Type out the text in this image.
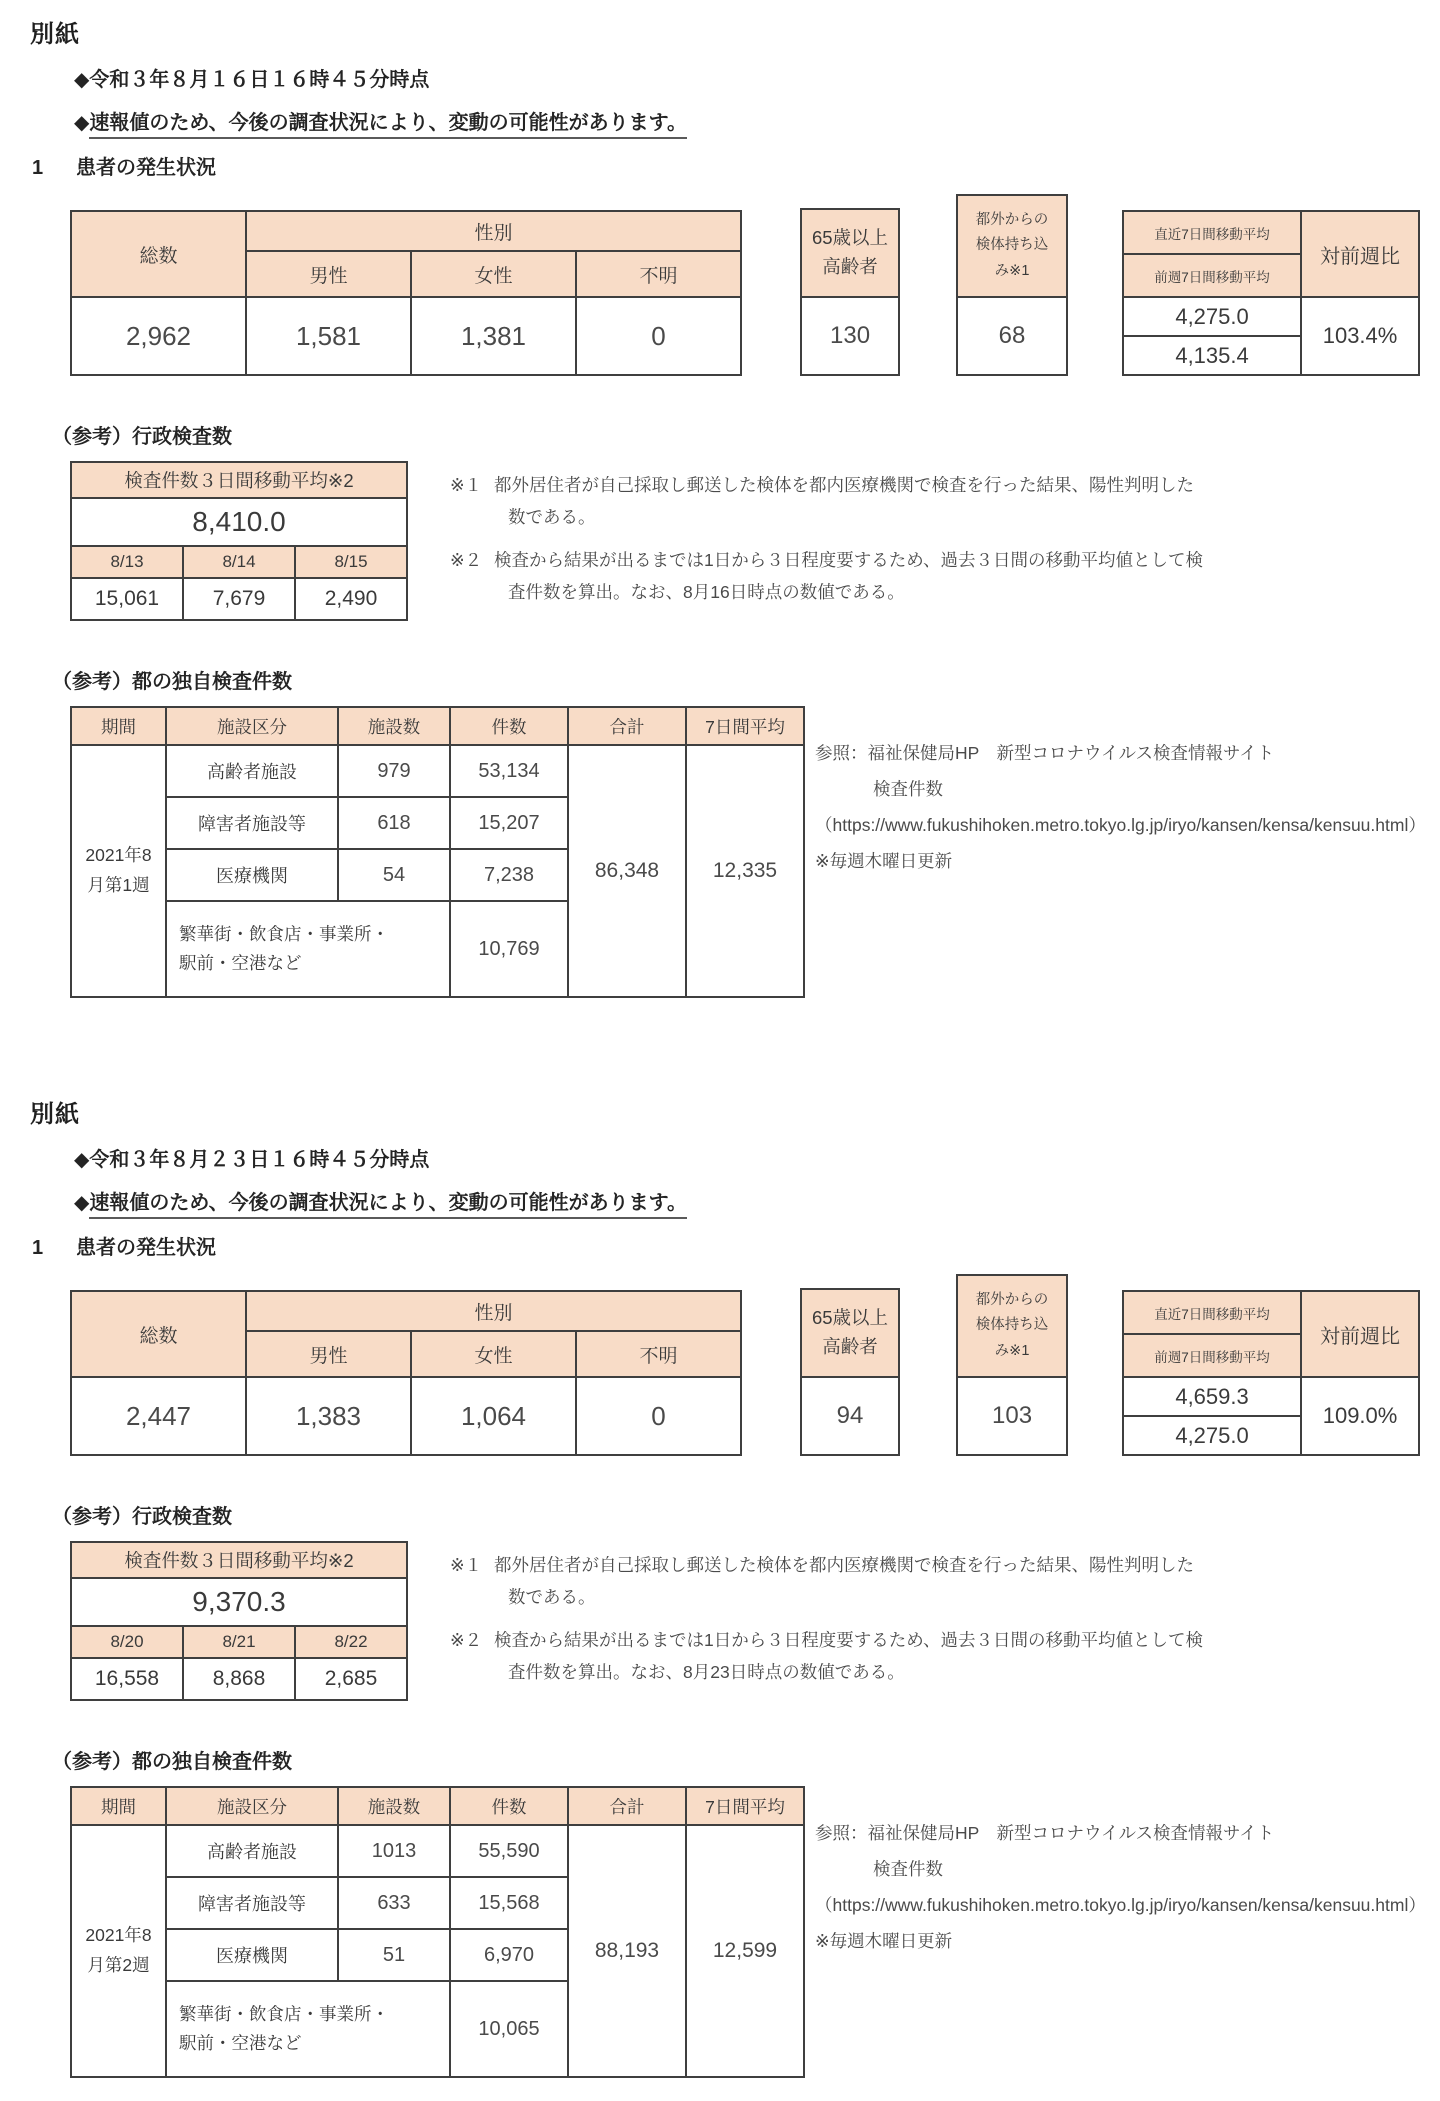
別紙
◆令和３年８月１６日１６時４５分時点
◆速報値のため、今後の調査状況により、変動の可能性があります。
1 患者の発生状況
総数	性別		
	男性	女性	不明
2,962	1,581	1,381	0
65歳以上
高齢者

130
都外からの
検体持ち込
み※1

68
直近7日間移動平均	対前週比
前週7日間移動平均	
4,275.0	103.4%
4,135.4	
（参考）行政検査数
検査件数３日間移動平均※2		
8,410.0		
8/13	8/14	8/15
15,061	7,679	2,490
※１ 都外居住者が自己採取し郵送した検体を都内医療機関で検査を行った結果、陽性判明した
数である。
※２ 検査から結果が出るまでは1日から３日程度要するため、過去３日間の移動平均値として検
査件数を算出。なお、8月16日時点の数値である。
（参考）都の独自検査件数
期間	施設区分	施設数	件数	合計	7日間平均

2021年8
月第1週	高齢者施設	979	53,134	86,348	12,335
	障害者施設等	618	15,207		
	医療機関	54	7,238		
	繁華街・飲食店・事業所・駅前・空港など		10,769		
参照：福祉保健局HP　新型コロナウイルス検査情報サイト
検査件数
（https://www.fukushihoken.metro.tokyo.lg.jp/iryo/kansen/kensa/kensuu.html）
※毎週木曜日更新
別紙
◆令和３年８月２３日１６時４５分時点
◆速報値のため、今後の調査状況により、変動の可能性があります。
1 患者の発生状況
総数	性別		
	男性	女性	不明
2,447	1,383	1,064	0
65歳以上
高齢者

94
都外からの
検体持ち込
み※1

103
直近7日間移動平均	対前週比
前週7日間移動平均	
4,659.3	109.0%
4,275.0	
（参考）行政検査数
検査件数３日間移動平均※2		
9,370.3		
8/20	8/21	8/22
16,558	8,868	2,685
※１ 都外居住者が自己採取し郵送した検体を都内医療機関で検査を行った結果、陽性判明した
数である。
※２ 検査から結果が出るまでは1日から３日程度要するため、過去３日間の移動平均値として検
査件数を算出。なお、8月23日時点の数値である。
（参考）都の独自検査件数
期間	施設区分	施設数	件数	合計	7日間平均

2021年8
月第2週	高齢者施設	1013	55,590	88,193	12,599
	障害者施設等	633	15,568		
	医療機関	51	6,970		
	繁華街・飲食店・事業所・駅前・空港など		10,065		
参照：福祉保健局HP　新型コロナウイルス検査情報サイト
検査件数
（https://www.fukushihoken.metro.tokyo.lg.jp/iryo/kansen/kensa/kensuu.html）
※毎週木曜日更新
